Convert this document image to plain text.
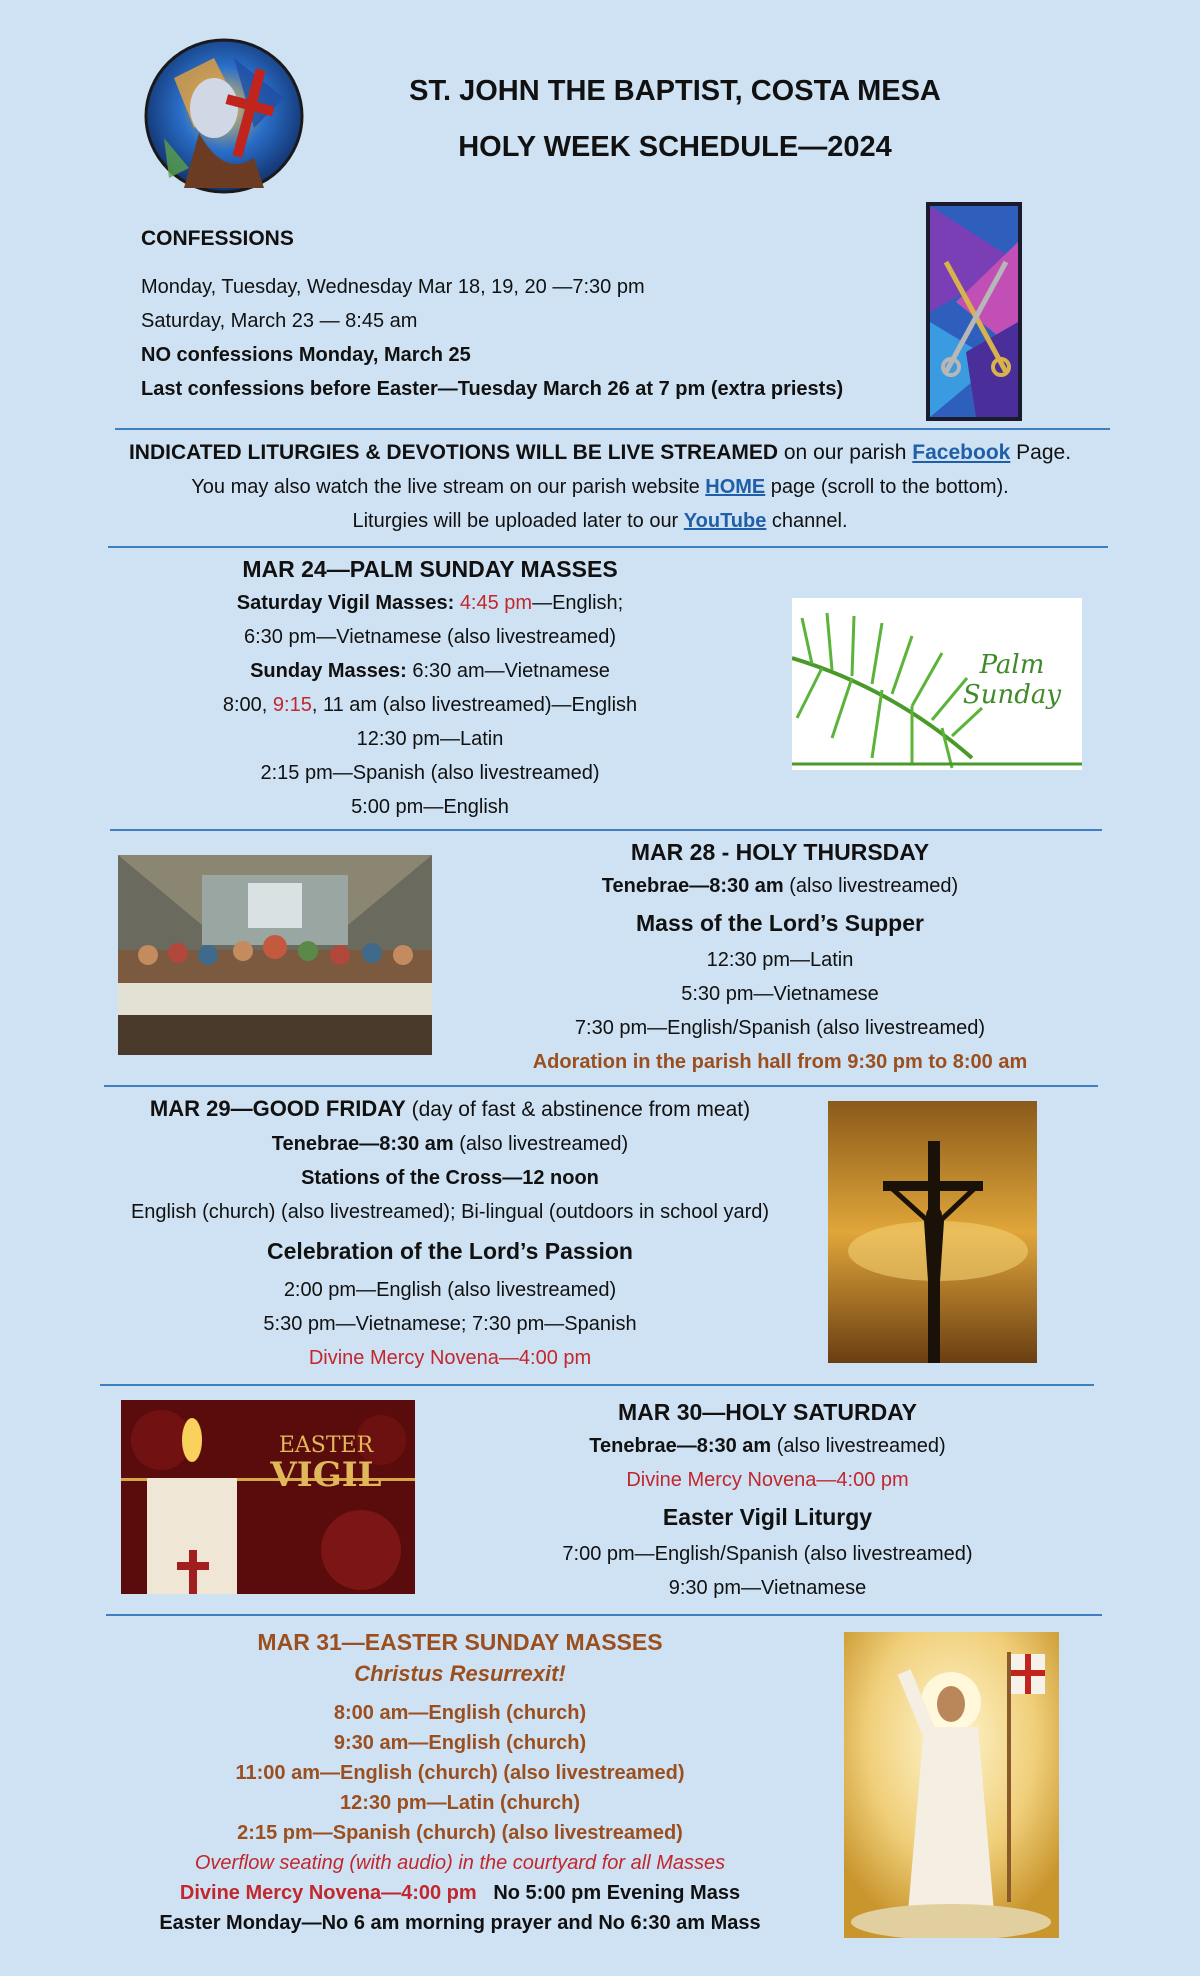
ST. JOHN THE BAPTIST, COSTA MESA
HOLY WEEK SCHEDULE—2024
CONFESSIONS
Monday, Tuesday, Wednesday Mar 18, 19, 20 —7:30 pm
Saturday, March 23 — 8:45 am
NO confessions Monday, March 25
Last confessions before Easter—Tuesday March 26 at 7 pm (extra priests)
INDICATED LITURGIES & DEVOTIONS WILL BE LIVE STREAMED on our parish Facebook Page.
You may also watch the live stream on our parish website HOME page (scroll to the bottom).
Liturgies will be uploaded later to our YouTube channel.
MAR 24—PALM SUNDAY MASSES
Saturday Vigil Masses: 4:45 pm—English;
6:30 pm—Vietnamese (also livestreamed)
Sunday Masses: 6:30 am—Vietnamese
8:00, 9:15, 11 am (also livestreamed)—English
12:30 pm—Latin
2:15 pm—Spanish (also livestreamed)
5:00 pm—English
Palm
Sunday
MAR 28 - HOLY THURSDAY
Tenebrae—8:30 am (also livestreamed)
Mass of the Lord’s Supper
12:30 pm—Latin
5:30 pm—Vietnamese
7:30 pm—English/Spanish (also livestreamed)
Adoration in the parish hall from 9:30 pm to 8:00 am
MAR 29—GOOD FRIDAY (day of fast & abstinence from meat)
Tenebrae—8:30 am (also livestreamed)
Stations of the Cross—12 noon
English (church) (also livestreamed); Bi-lingual (outdoors in school yard)
Celebration of the Lord’s Passion
2:00 pm—English (also livestreamed)
5:30 pm—Vietnamese; 7:30 pm—Spanish
Divine Mercy Novena—4:00 pm
EASTER
VIGIL
MAR 30—HOLY SATURDAY
Tenebrae—8:30 am (also livestreamed)
Divine Mercy Novena—4:00 pm
Easter Vigil Liturgy
7:00 pm—English/Spanish (also livestreamed)
9:30 pm—Vietnamese
MAR 31—EASTER SUNDAY MASSES
Christus Resurrexit!
8:00 am—English (church)
9:30 am—English (church)
11:00 am—English (church) (also livestreamed)
12:30 pm—Latin (church)
2:15 pm—Spanish (church) (also livestreamed)
Overflow seating (with audio) in the courtyard for all Masses
Divine Mercy Novena—4:00 pm No 5:00 pm Evening Mass
Easter Monday—No 6 am morning prayer and No 6:30 am Mass
